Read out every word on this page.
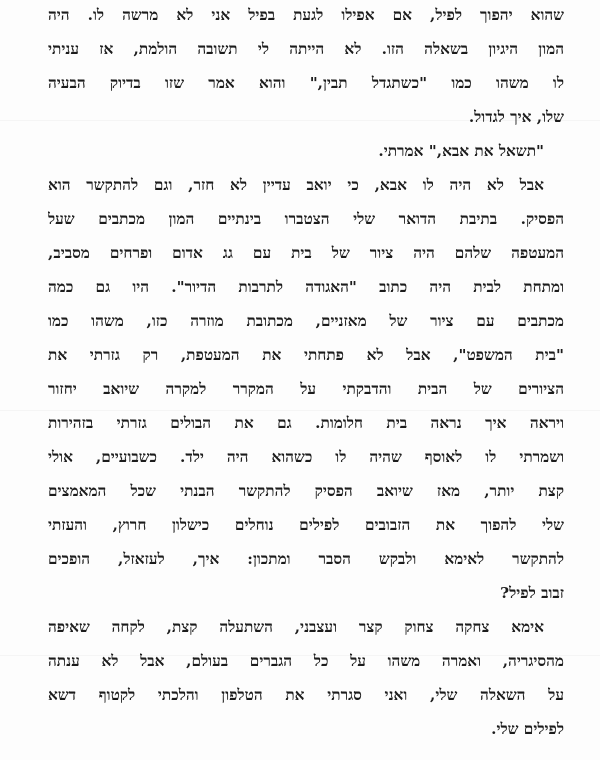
שהוא יהפוך לפיל, אם אפילו לגעת בפיל אני לא מרשה לו. היה
המון היגיון בשאלה הזו. לא הייתה לי תשובה הולמת, אז עניתי
לו משהו כמו "כשתגדל תבין," והוא אמר שזו בדיוק הבעיה
שלו, איך לגדול.
"תשאל את אבא," אמרתי.
אבל לא היה לו אבא, כי יואב עדיין לא חזר, וגם להתקשר הוא
הפסיק. בתיבת הדואר שלי הצטברו בינתיים המון מכתבים שעל
המעטפה שלהם היה ציור של בית עם גג אדום ופרחים מסביב,
ומתחת לבית היה כתוב "האגודה לתרבות הדיור". היו גם כמה
מכתבים עם ציור של מאזניים, מכתובת מוזרה כזו, משהו כמו
"בית המשפט", אבל לא פתחתי את המעטפת, רק גזרתי את
הציורים של הבית והדבקתי על המקרר למקרה שיואב יחזור
ויראה איך נראה בית חלומות. גם את הבולים גזרתי בזהירות
ושמרתי לו לאוסף שהיה לו כשהוא היה ילד. כשבועיים, אולי
קצת יותר, מאז שיואב הפסיק להתקשר הבנתי שכל המאמצים
שלי להפוך את הזבובים לפילים נוחלים כישלון חרוץ, והעזתי
להתקשר לאימא ולבקש הסבר ומתכון: איך, לעזאזל, הופכים
זבוב לפיל?
אימא צחקה צחוק קצר ועצבני, השתעלה קצת, לקחה שאיפה
מהסיגריה, ואמרה משהו על כל הגברים בעולם, אבל לא ענתה
על השאלה שלי, ואני סגרתי את הטלפון והלכתי לקטוף דשא
לפילים שלי.
